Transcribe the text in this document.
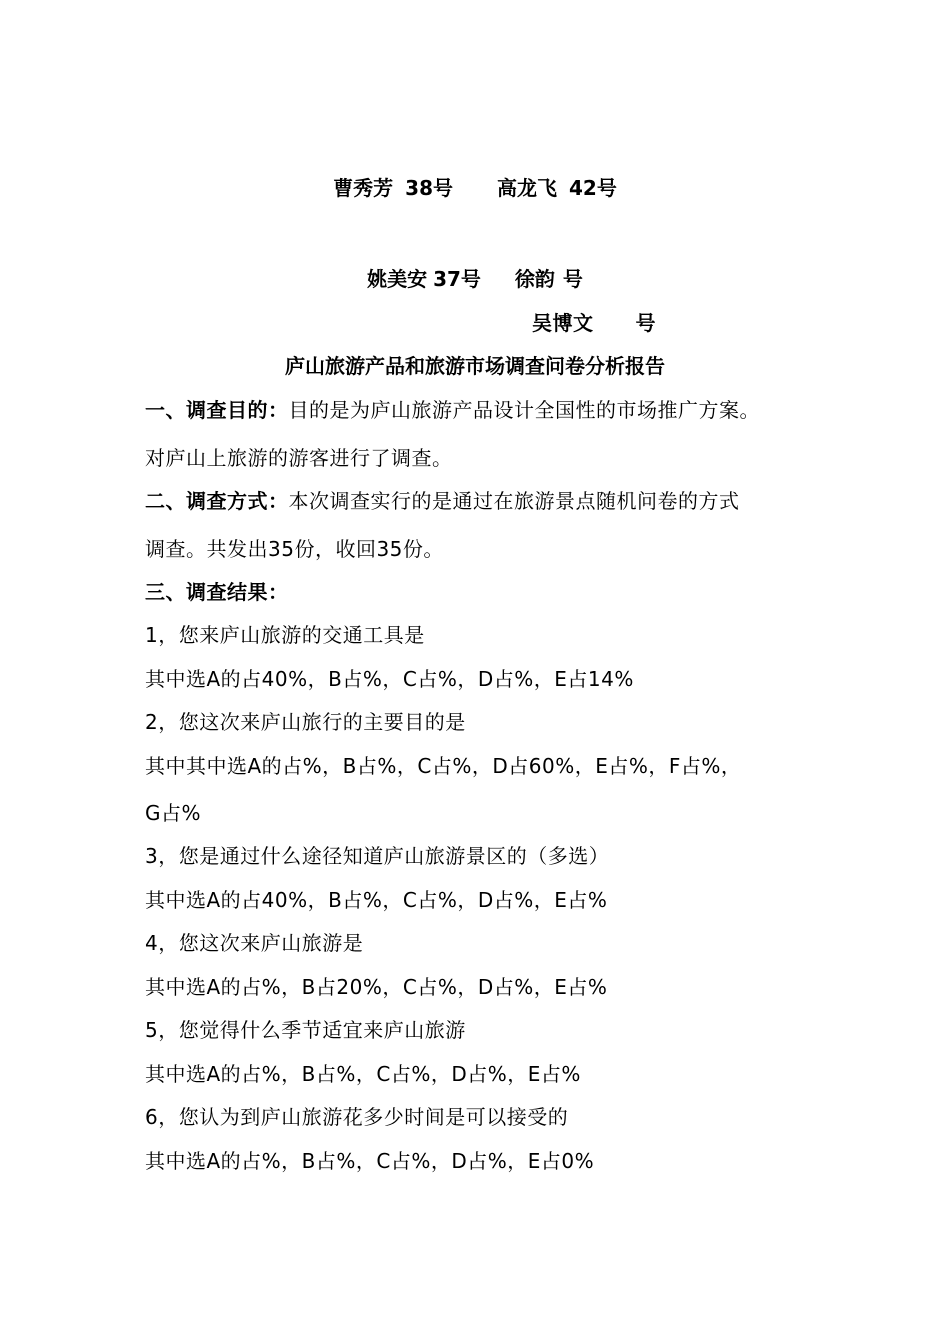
曹秀芳 38号 高龙飞 42号
姚美安 37号 徐韵 号
吴博文 号
庐山旅游产品和旅游市场调查问卷分析报告
一、调查目的：目的是为庐山旅游产品设计全国性的市场推广方案。
对庐山上旅游的游客进行了调查。
二、调查方式：本次调查实行的是通过在旅游景点随机问卷的方式
调查。共发出35份，收回35份。
三、调查结果：
1，您来庐山旅游的交通工具是
其中选A的占40%，B占%，C占%，D占%，E占14%
2，您这次来庐山旅行的主要目的是
其中其中选A的占%，B占%，C占%，D占60%，E占%，F占%，
G占%
3，您是通过什么途径知道庐山旅游景区的（多选）
其中选A的占40%，B占%，C占%，D占%，E占%
4，您这次来庐山旅游是
其中选A的占%，B占20%，C占%，D占%，E占%
5，您觉得什么季节适宜来庐山旅游
其中选A的占%，B占%，C占%，D占%，E占%
6，您认为到庐山旅游花多少时间是可以接受的
其中选A的占%，B占%，C占%，D占%，E占0%
